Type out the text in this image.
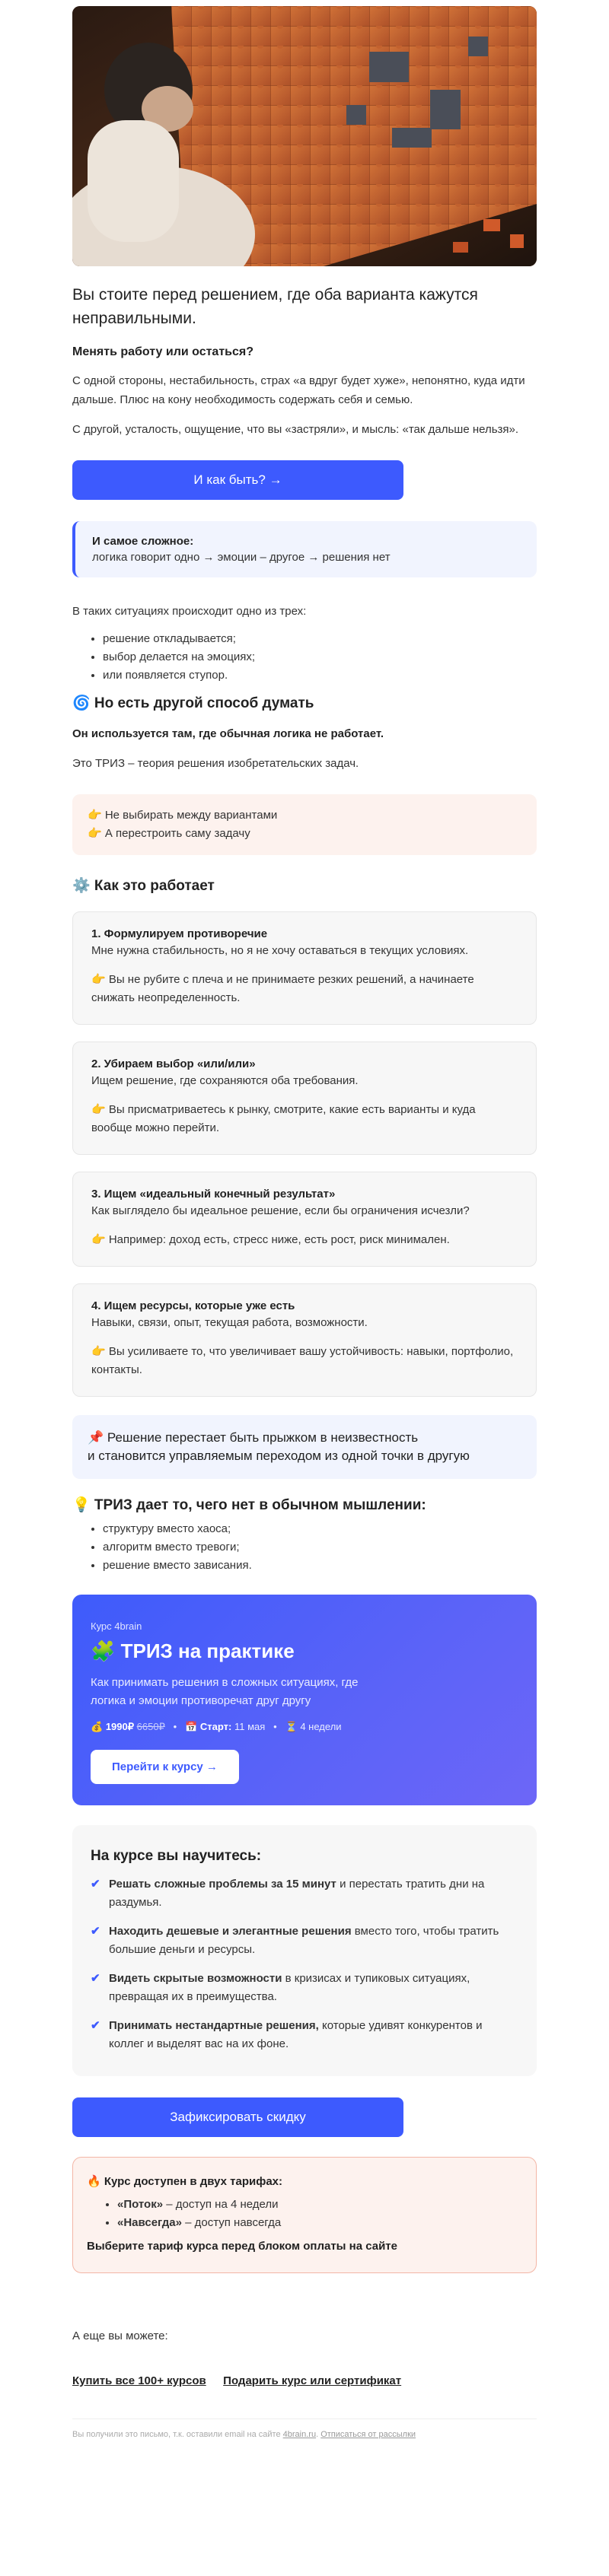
Вы стоите перед решением, где оба варианта кажутся неправильными.
Менять работу или остаться?

С одной стороны, нестабильность, страх «а вдруг будет хуже», непонятно, куда идти дальше. Плюс на кону необходимость содержать себя и семью.

С другой, усталость, ощущение, что вы «застряли», и мысль: «так дальше нельзя».

И как быть? →
И самое сложное:
логика говорит одно → эмоции – другое → решения нет

В таких ситуациях происходит одно из трех:

• решение откладывается;
• выбор делается на эмоциях;
• или появляется ступор.
🌀 Но есть другой способ думать
Он используется там, где обычная логика не работает.

Это ТРИЗ – теория решения изобретательских задач.

👉 Не выбирать между вариантами
👉 А перестроить саму задачу
⚙️ Как это работает
1. Формулируем противоречие
Мне нужна стабильность, но я не хочу оставаться в текущих условиях.
👉 Вы не рубите с плеча и не принимаете резких решений, а начинаете снижать неопределенность.
2. Убираем выбор «или/или»
Ищем решение, где сохраняются оба требования.
👉 Вы присматриваетесь к рынку, смотрите, какие есть варианты и куда вообще можно перейти.
3. Ищем «идеальный конечный результат»
Как выглядело бы идеальное решение, если бы ограничения исчезли?
👉 Например: доход есть, стресс ниже, есть рост, риск минимален.
4. Ищем ресурсы, которые уже есть
Навыки, связи, опыт, текущая работа, возможности.
👉 Вы усиливаете то, что увеличивает вашу устойчивость: навыки, портфолио, контакты.
📌 Решение перестает быть прыжком в неизвестность
и становится управляемым переходом из одной точки в другую
💡 ТРИЗ дает то, чего нет в обычном мышлении:
• структуру вместо хаоса;
• алгоритм вместо тревоги;
• решение вместо зависания.
Курс 4brain
🧩 ТРИЗ на практике
Как принимать решения в сложных ситуациях, где логика и эмоции противоречат друг другу
💰 1990₽ 6650₽   •   📅 Старт: 11 мая   •   ⏳ 4 недели
Перейти к курсу →
На курсе вы научитесь:
✔ Решать сложные проблемы за 15 минут и перестать тратить дни на раздумья.
✔ Находить дешевые и элегантные решения вместо того, чтобы тратить большие деньги и ресурсы.
✔ Видеть скрытые возможности в кризисах и тупиковых ситуациях, превращая их в преимущества.
✔ Принимать нестандартные решения, которые удивят конкурентов и коллег и выделят вас на их фоне.
Зафиксировать скидку
🔥 Курс доступен в двух тарифах:
• «Поток» – доступ на 4 недели
• «Навсегда» – доступ навсегда
Выберите тариф курса перед блоком оплаты на сайте
А еще вы можете:
Купить все 100+ курсов Подарить курс или сертификат
Вы получили это письмо, т.к. оставили email на сайте 4brain.ru. Отписаться от рассылки
